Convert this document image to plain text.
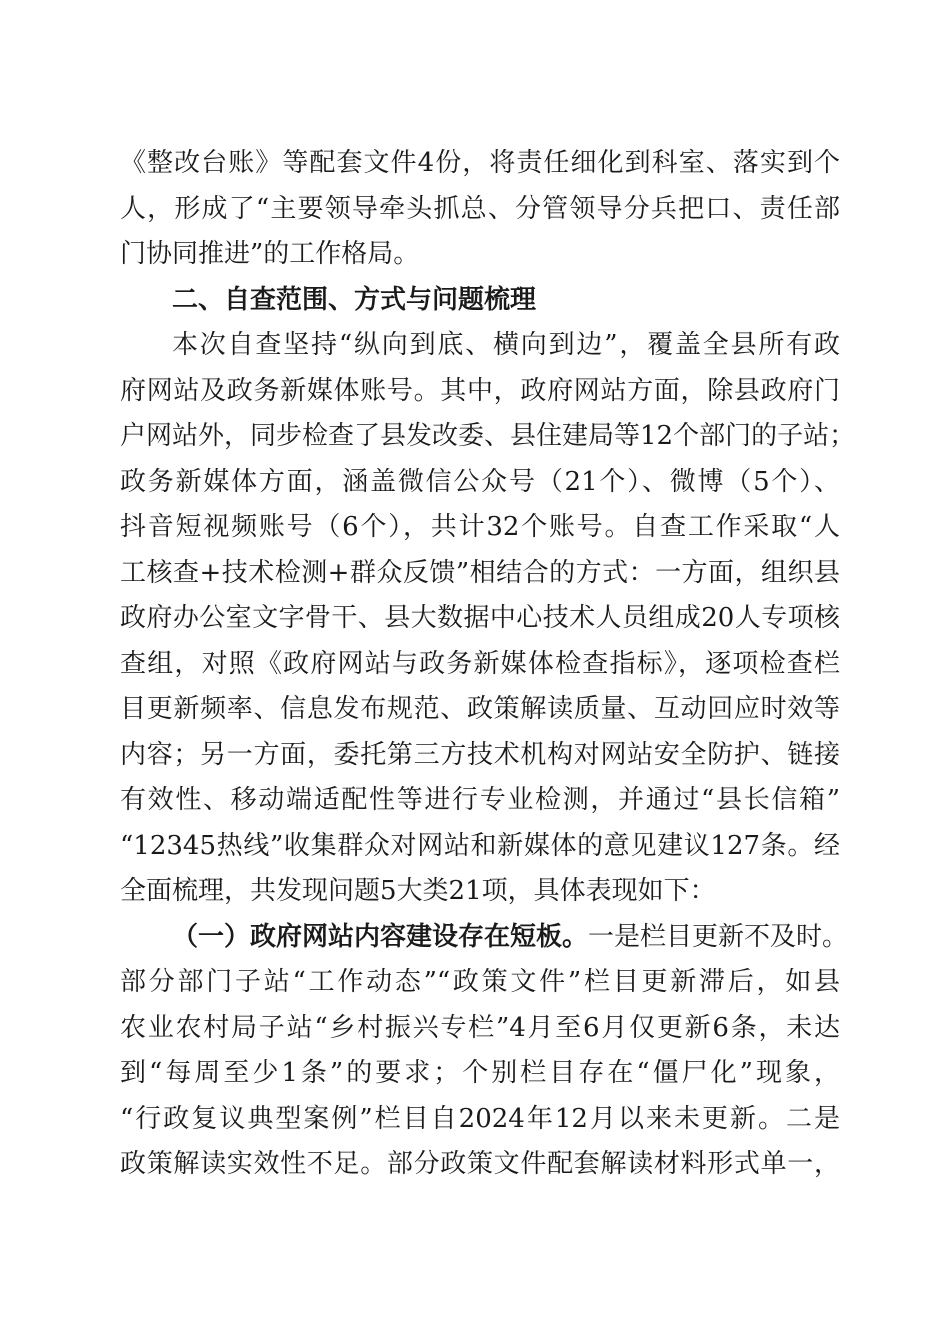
《整改台账》等配套文件4份，将责任细化到科室、落实到个
人，形成了“主要领导牵头抓总、分管领导分兵把口、责任部
门协同推进”的工作格局。
二、自查范围、方式与问题梳理
本次自查坚持“纵向到底、横向到边”，覆盖全县所有政
府网站及政务新媒体账号。其中，政府网站方面，除县政府门
户网站外，同步检查了县发改委、县住建局等12个部门的子站；
政务新媒体方面，涵盖微信公众号（21个）、微博（5个）、
抖音短视频账号（6个），共计32个账号。自查工作采取“人
工核查+技术检测+群众反馈”相结合的方式：一方面，组织县
政府办公室文字骨干、县大数据中心技术人员组成20人专项核
查组，对照《政府网站与政务新媒体检查指标》，逐项检查栏
目更新频率、信息发布规范、政策解读质量、互动回应时效等
内容；另一方面，委托第三方技术机构对网站安全防护、链接
有效性、移动端适配性等进行专业检测，并通过“县长信箱”
“12345热线”收集群众对网站和新媒体的意见建议127条。经
全面梳理，共发现问题5大类21项，具体表现如下：
（一）政府网站内容建设存在短板。一是栏目更新不及时。
部分部门子站“工作动态”“政策文件”栏目更新滞后，如县
农业农村局子站“乡村振兴专栏”4月至6月仅更新6条，未达
到“每周至少1条”的要求；个别栏目存在“僵尸化”现象，
“行政复议典型案例”栏目自2024年12月以来未更新。二是
政策解读实效性不足。部分政策文件配套解读材料形式单一，
